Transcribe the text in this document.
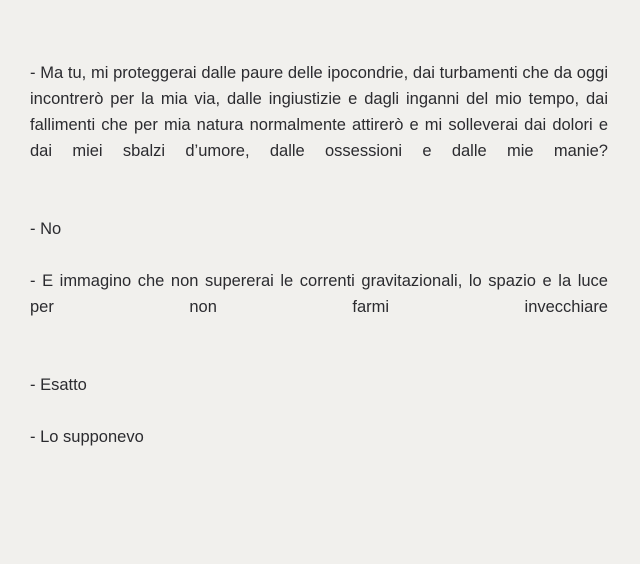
- Ma tu, mi proteggerai dalle paure delle ipocondrie, dai turbamenti che da oggi incontrerò per la mia via, dalle ingiustizie e dagli inganni del mio tempo, dai fallimenti che per mia natura normalmente attirerò e mi solleverai dai dolori e dai miei sbalzi d’umore, dalle ossessioni e dalle mie manie?

- No

- E immagino che non supererai le correnti gravitazionali, lo spazio e la luce per non farmi invecchiare

- Esatto

- Lo supponevo
